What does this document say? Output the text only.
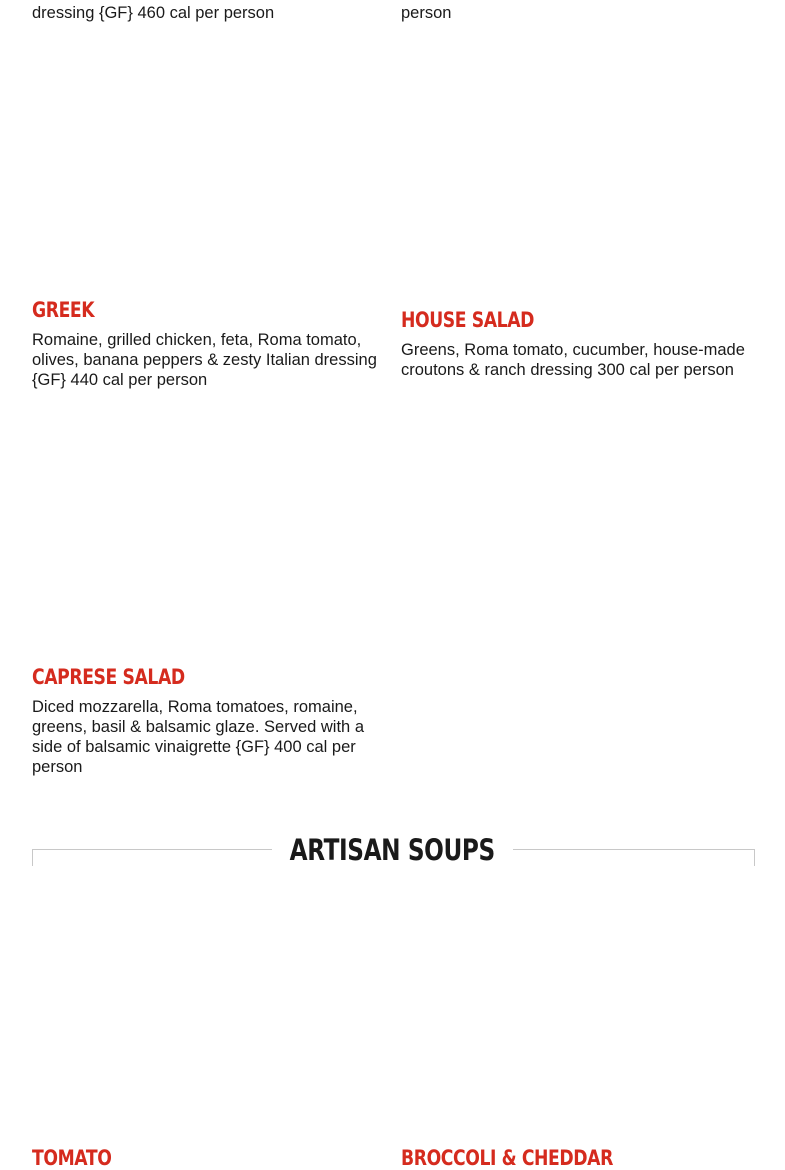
dressing {GF} 460 cal per person	person

GREEK

Romaine, grilled chicken, feta, Roma tomato, olives, banana peppers & zesty Italian dressing {GF} 440 cal per person

HOUSE SALAD

Greens, Roma tomato, cucumber, house-made croutons & ranch dressing 300 cal per person

CAPRESE SALAD

Diced mozzarella, Roma tomatoes, romaine, greens, basil & balsamic glaze. Served with a side of balsamic vinaigrette {GF} 400 cal per person

ARTISAN SOUPS
TOMATO	BROCCOLI & CHEDDAR
